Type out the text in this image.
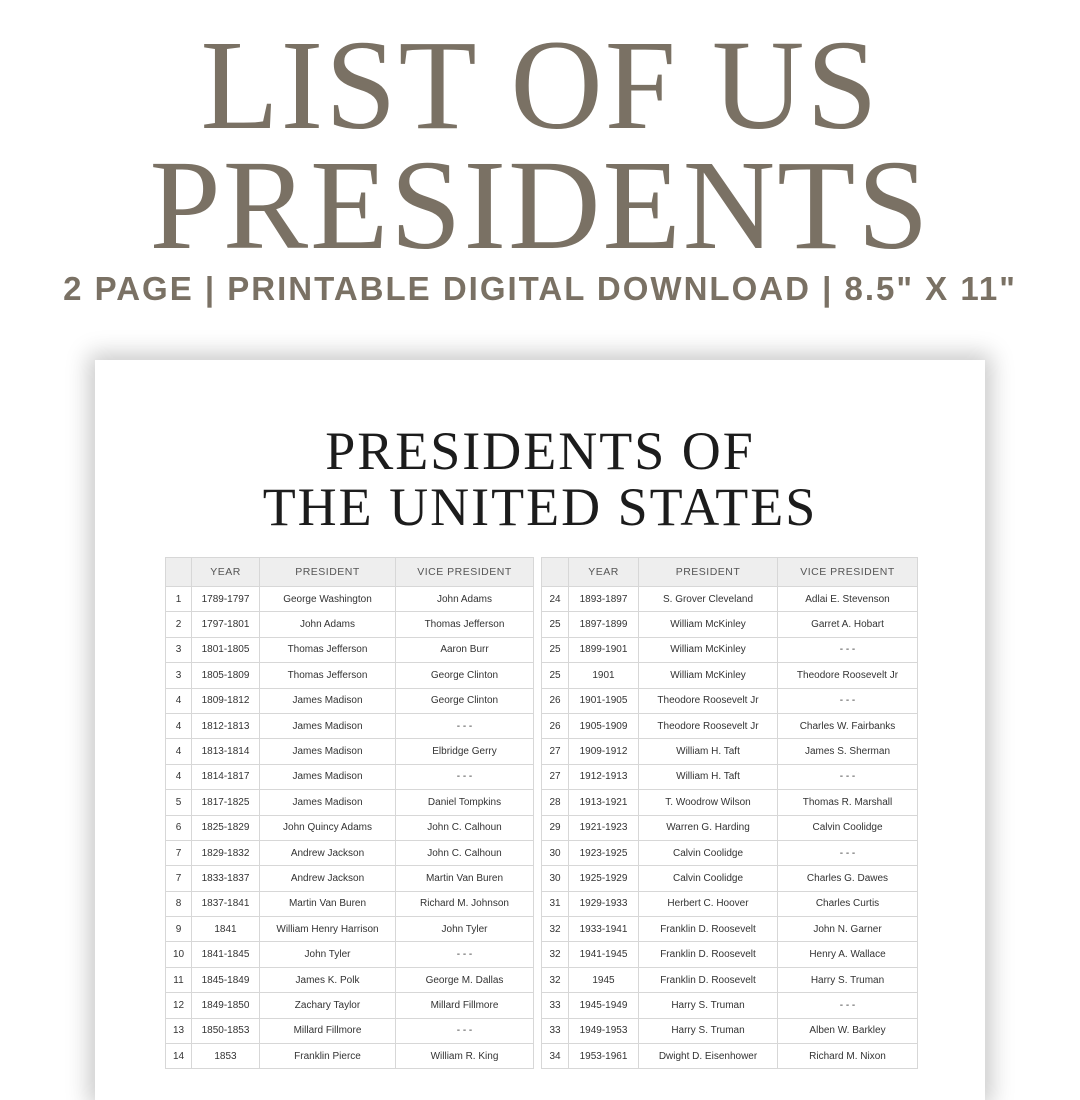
LIST OF US
PRESIDENTS
2 PAGE | PRINTABLE DIGITAL DOWNLOAD | 8.5" X 11"
PRESIDENTS OF
THE UNITED STATES
	YEAR	PRESIDENT	VICE PRESIDENT
1	1789-1797	George Washington	John Adams
2	1797-1801	John Adams	Thomas Jefferson
3	1801-1805	Thomas Jefferson	Aaron Burr
3	1805-1809	Thomas Jefferson	George Clinton
4	1809-1812	James Madison	George Clinton
4	1812-1813	James Madison	- - -
4	1813-1814	James Madison	Elbridge Gerry
4	1814-1817	James Madison	- - -
5	1817-1825	James Madison	Daniel Tompkins
6	1825-1829	John Quincy Adams	John C. Calhoun
7	1829-1832	Andrew Jackson	John C. Calhoun
7	1833-1837	Andrew Jackson	Martin Van Buren
8	1837-1841	Martin Van Buren	Richard M. Johnson
9	1841	William Henry Harrison	John Tyler
10	1841-1845	John Tyler	- - -
11	1845-1849	James K. Polk	George M. Dallas
12	1849-1850	Zachary Taylor	Millard Fillmore
13	1850-1853	Millard Fillmore	- - -
14	1853	Franklin Pierce	William R. King
	YEAR	PRESIDENT	VICE PRESIDENT
24	1893-1897	S. Grover Cleveland	Adlai E. Stevenson
25	1897-1899	William McKinley	Garret A. Hobart
25	1899-1901	William McKinley	- - -
25	1901	William McKinley	Theodore Roosevelt Jr
26	1901-1905	Theodore Roosevelt Jr	- - -
26	1905-1909	Theodore Roosevelt Jr	Charles W. Fairbanks
27	1909-1912	William H. Taft	James S. Sherman
27	1912-1913	William H. Taft	- - -
28	1913-1921	T. Woodrow Wilson	Thomas R. Marshall
29	1921-1923	Warren G. Harding	Calvin Coolidge
30	1923-1925	Calvin Coolidge	- - -
30	1925-1929	Calvin Coolidge	Charles G. Dawes
31	1929-1933	Herbert C. Hoover	Charles Curtis
32	1933-1941	Franklin D. Roosevelt	John N. Garner
32	1941-1945	Franklin D. Roosevelt	Henry A. Wallace
32	1945	Franklin D. Roosevelt	Harry S. Truman
33	1945-1949	Harry S. Truman	- - -
33	1949-1953	Harry S. Truman	Alben W. Barkley
34	1953-1961	Dwight D. Eisenhower	Richard M. Nixon
